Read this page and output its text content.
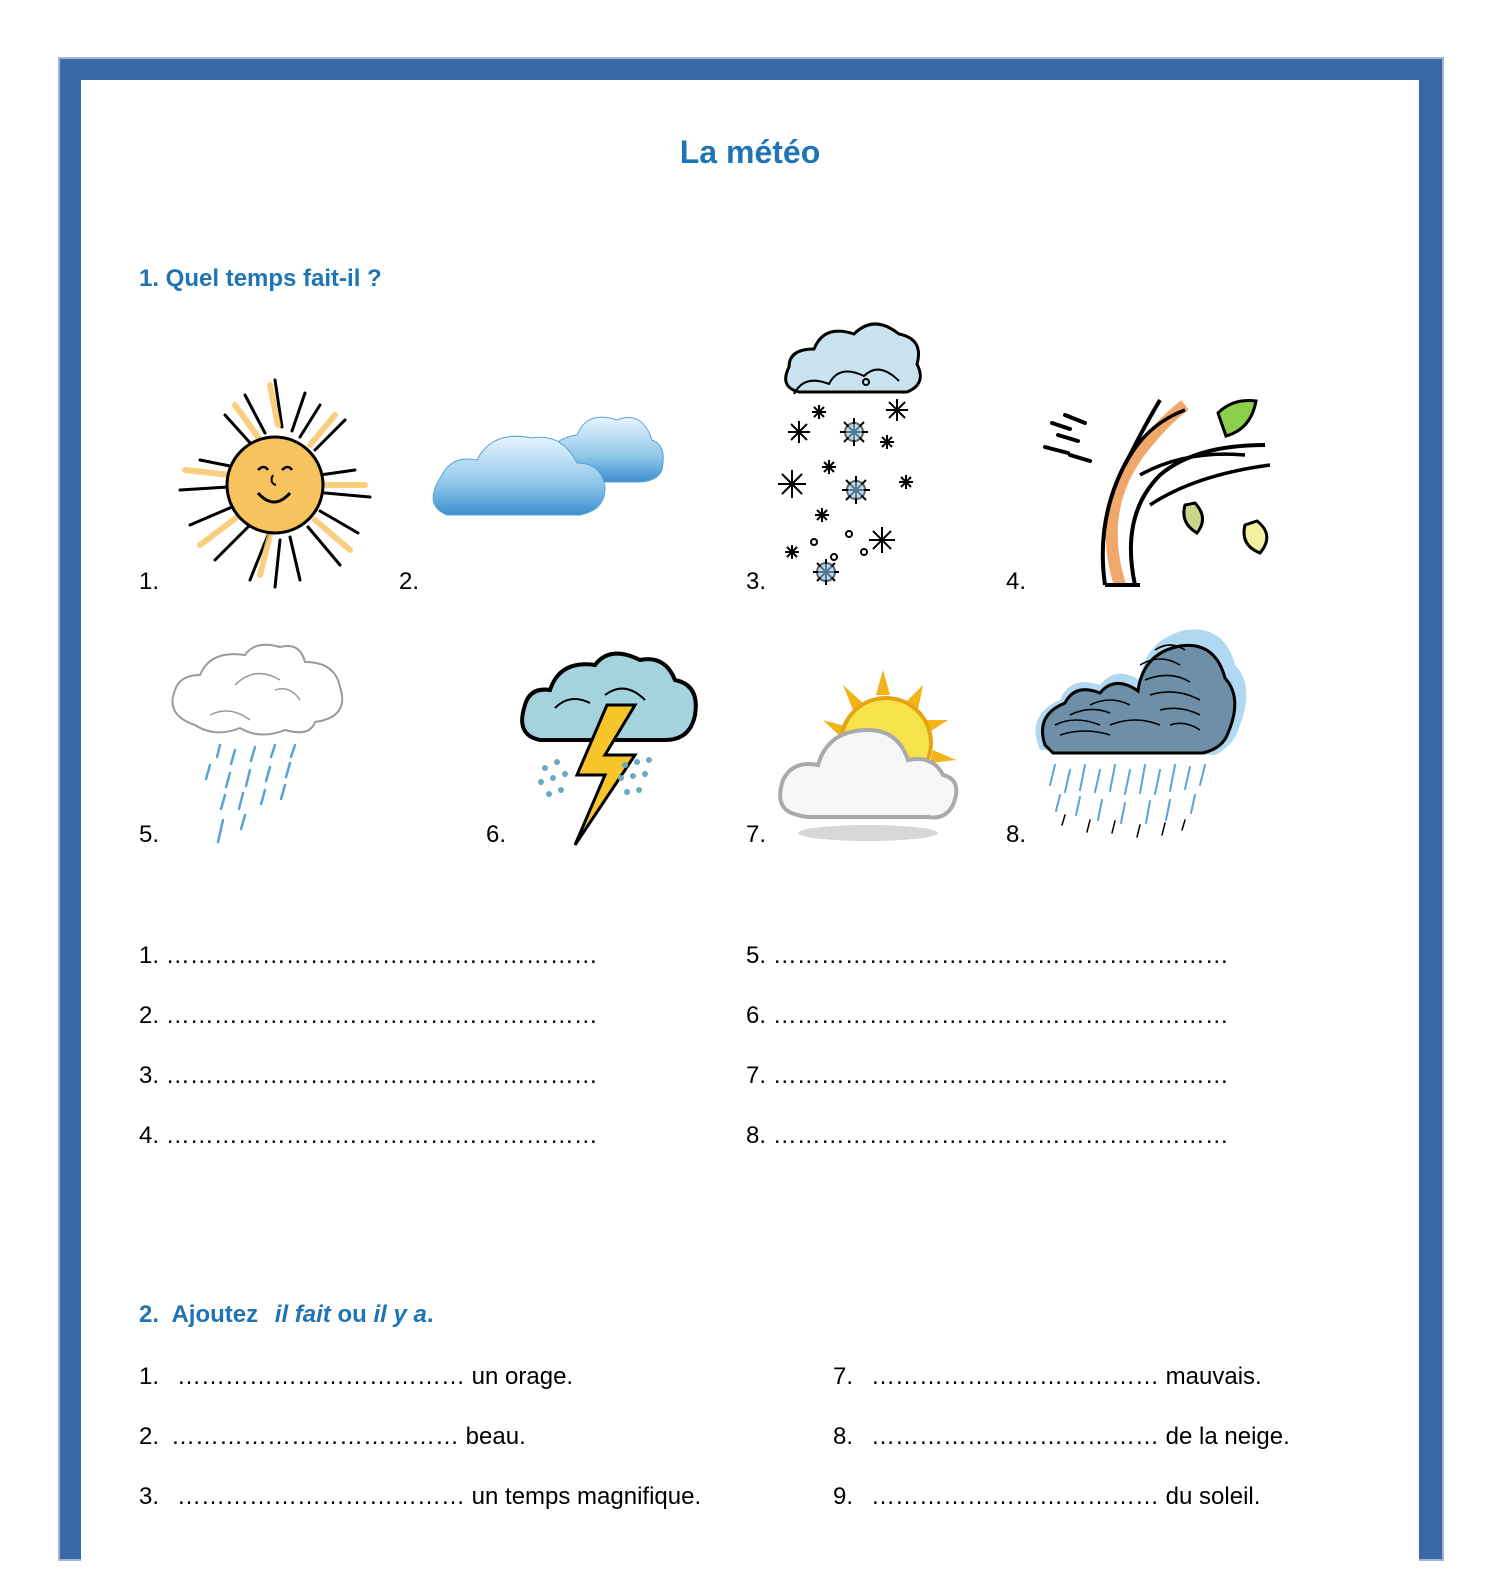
La météo
1. Quel temps fait-il ?
1.	2.	3.	4.
5.	6.	7.	8.
1. ………………………………………………
2. ………………………………………………
3. ………………………………………………
4. ………………………………………………
5. …………………………………………………
6. …………………………………………………
7. …………………………………………………
8. …………………………………………………
2.  Ajoutez il fait ou il y a.
1. ……………………………… un orage.
2. ……………………………… beau.
3. ……………………………… un temps magnifique.
7. ……………………………… mauvais.
8. ……………………………… de la neige.
9. ……………………………… du soleil.
